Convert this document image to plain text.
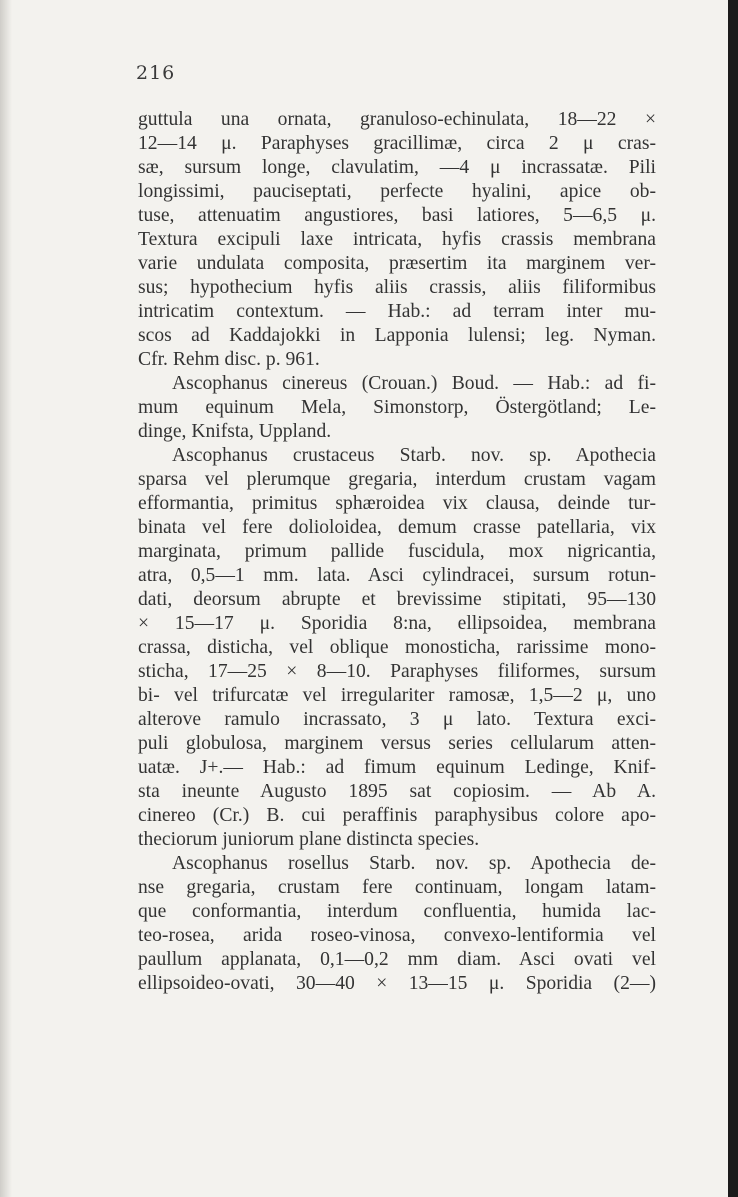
216
guttula una ornata, granuloso-echinulata, 18—22 ×
12—14 μ. Paraphyses gracillimæ, circa 2 μ cras-
sæ, sursum longe, clavulatim, —4 μ incrassatæ. Pili
longissimi, pauciseptati, perfecte hyalini, apice ob-
tuse, attenuatim angustiores, basi latiores, 5—6,5 μ.
Textura excipuli laxe intricata, hyfis crassis membrana
varie undulata composita, præsertim ita marginem ver-
sus; hypothecium hyfis aliis crassis, aliis filiformibus
intricatim contextum. — Hab.: ad terram inter mu-
scos ad Kaddajokki in Lapponia lulensi; leg. Nyman.
Cfr. Rehm disc. p. 961.
Ascophanus cinereus (Crouan.) Boud. — Hab.: ad fi-
mum equinum Mela, Simonstorp, Östergötland; Le-
dinge, Knifsta, Uppland.
Ascophanus crustaceus Starb. nov. sp. Apothecia
sparsa vel plerumque gregaria, interdum crustam vagam
efformantia, primitus sphæroidea vix clausa, deinde tur-
binata vel fere dolioloidea, demum crasse patellaria, vix
marginata, primum pallide fuscidula, mox nigricantia,
atra, 0,5—1 mm. lata. Asci cylindracei, sursum rotun-
dati, deorsum abrupte et brevissime stipitati, 95—130
× 15—17 μ. Sporidia 8:na, ellipsoidea, membrana
crassa, disticha, vel oblique monosticha, rarissime mono-
sticha, 17—25 × 8—10. Paraphyses filiformes, sursum
bi- vel trifurcatæ vel irregulariter ramosæ, 1,5—2 μ, uno
alterove ramulo incrassato, 3 μ lato. Textura exci-
puli globulosa, marginem versus series cellularum atten-
uatæ. J+.— Hab.: ad fimum equinum Ledinge, Knif-
sta ineunte Augusto 1895 sat copiosim. — Ab A.
cinereo (Cr.) B. cui peraffinis paraphysibus colore apo-
theciorum juniorum plane distincta species.
Ascophanus rosellus Starb. nov. sp. Apothecia de-
nse gregaria, crustam fere continuam, longam latam-
que conformantia, interdum confluentia, humida lac-
teo-rosea, arida roseo-vinosa, convexo-lentiformia vel
paullum applanata, 0,1—0,2 mm diam. Asci ovati vel
ellipsoideo-ovati, 30—40 × 13—15 μ. Sporidia (2—)
